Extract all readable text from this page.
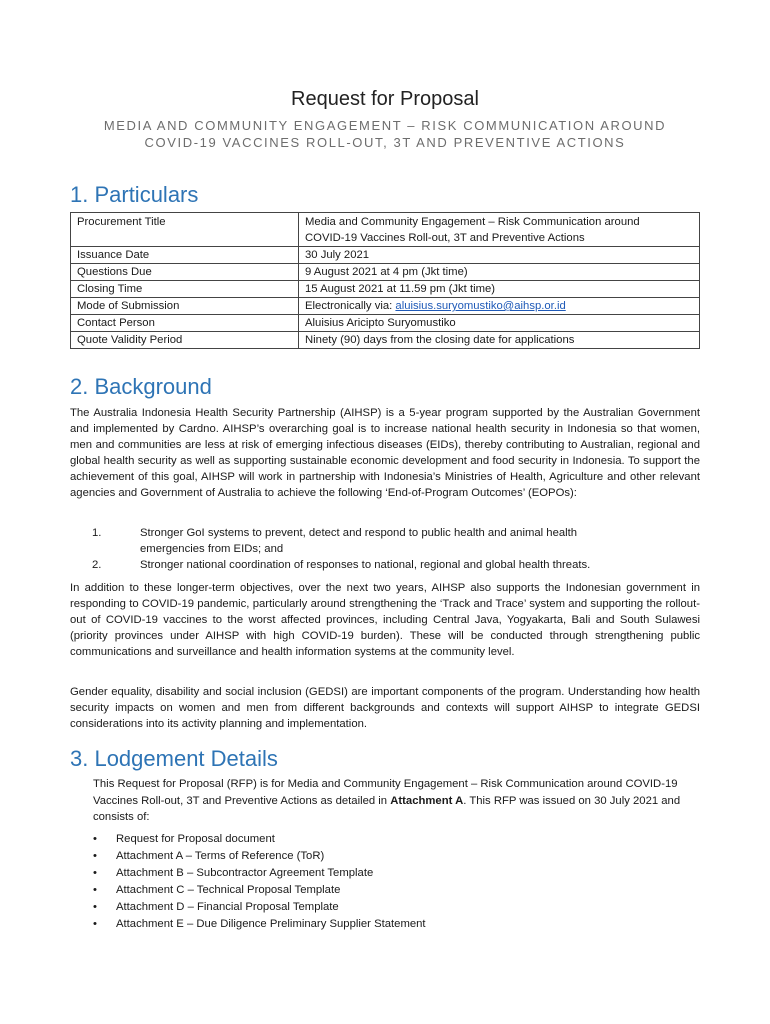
Request for Proposal
MEDIA AND COMMUNITY ENGAGEMENT – RISK COMMUNICATION AROUND
COVID-19 VACCINES ROLL-OUT, 3T AND PREVENTIVE ACTIONS
1. Particulars
Procurement Title	Media and Community Engagement – Risk Communication around
COVID-19 Vaccines Roll-out, 3T and Preventive Actions

Issuance Date	30 July 2021
Questions Due	9 August 2021 at 4 pm (Jkt time)
Closing Time	15 August 2021 at 11.59 pm (Jkt time)
Mode of Submission	Electronically via: aluisius.suryomustiko@aihsp.or.id
Contact Person	Aluisius Aricipto Suryomustiko
Quote Validity Period	Ninety (90) days from the closing date for applications
2. Background

The Australia Indonesia Health Security Partnership (AIHSP) is a 5-year program supported by the Australian Government and implemented by Cardno. AIHSP’s overarching goal is to increase national health security in Indonesia so that women, men and communities are less at risk of emerging infectious diseases (EIDs), thereby contributing to Australian, regional and global health security as well as supporting sustainable economic development and food security in Indonesia. To support the achievement of this goal, AIHSP will work in partnership with Indonesia’s Ministries of Health, Agriculture and other relevant agencies and Government of Australia to achieve the following ‘End-of-Program Outcomes’ (EOPOs):

1.	Stronger GoI systems to prevent, detect and respond to public health and animal health
emergencies from EIDs; and
2.	Stronger national coordination of responses to national, regional and global health threats.

In addition to these longer-term objectives, over the next two years, AIHSP also supports the Indonesian government in responding to COVID-19 pandemic, particularly around strengthening the ‘Track and Trace’ system and supporting the rollout-out of COVID-19 vaccines to the worst affected provinces, including Central Java, Yogyakarta, Bali and South Sulawesi (priority provinces under AIHSP with high COVID-19 burden). These will be conducted through strengthening public communications and surveillance and health information systems at the community level.

Gender equality, disability and social inclusion (GEDSI) are important components of the program. Understanding how health security impacts on women and men from different backgrounds and contexts will support AIHSP to integrate GEDSI considerations into its activity planning and implementation.

3. Lodgement Details

This Request for Proposal (RFP) is for Media and Community Engagement – Risk Communication around COVID-19 Vaccines Roll-out, 3T and Preventive Actions as detailed in Attachment A. This RFP was issued on 30 July 2021 and consists of:

•	Request for Proposal document
•	Attachment A – Terms of Reference (ToR)
•	Attachment B – Subcontractor Agreement Template
•	Attachment C – Technical Proposal Template
•	Attachment D – Financial Proposal Template
•	Attachment E – Due Diligence Preliminary Supplier Statement
